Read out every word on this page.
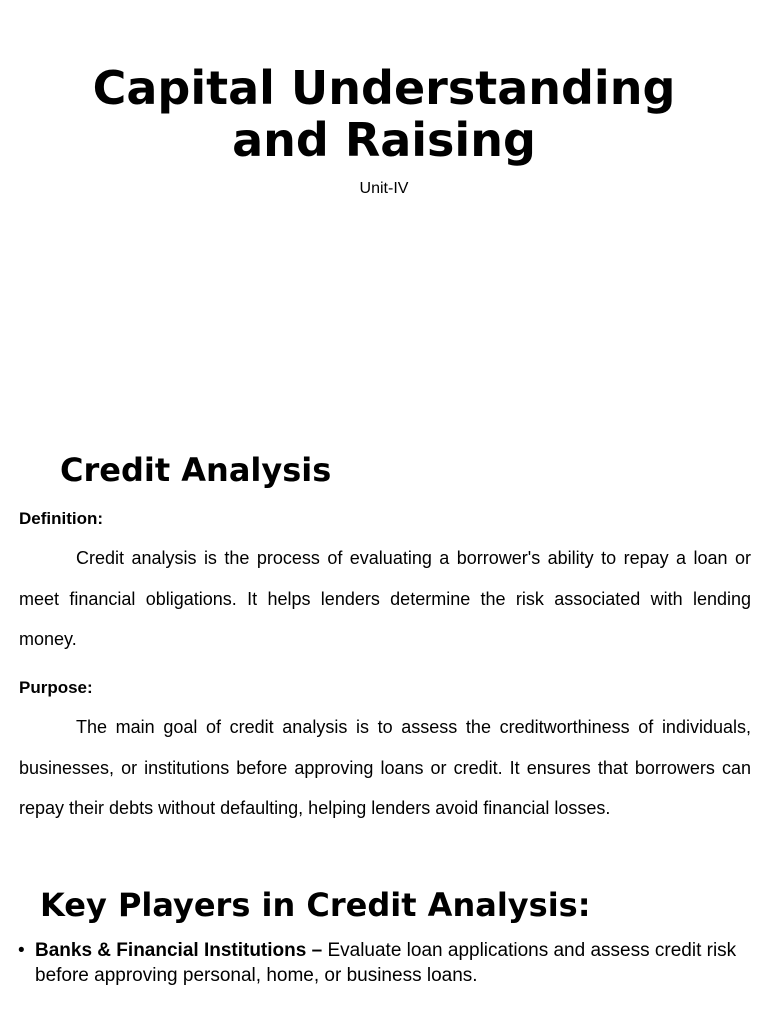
Capital Understanding and Raising
Unit-IV
Credit Analysis
Definition:

Credit analysis is the process of evaluating a borrower's ability to repay a loan or meet financial obligations. It helps lenders determine the risk associated with lending money.

Purpose:

The main goal of credit analysis is to assess the creditworthiness of individuals, businesses, or institutions before approving loans or credit. It ensures that borrowers can repay their debts without defaulting, helping lenders avoid financial losses.

Key Players in Credit Analysis:
• Banks & Financial Institutions – Evaluate loan applications and assess credit risk before approving personal, home, or business loans.
